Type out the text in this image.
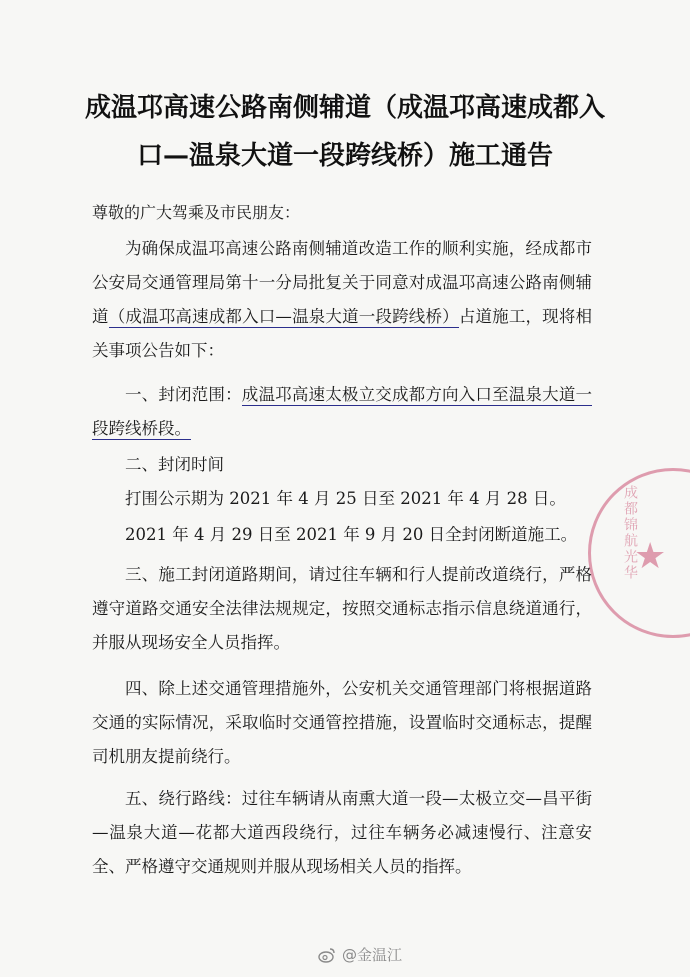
成温邛高速公路南侧辅道（成温邛高速成都入口—温泉大道一段跨线桥）施工通告
尊敬的广大驾乘及市民朋友：
为确保成温邛高速公路南侧辅道改造工作的顺利实施，经成都市公安局交通管理局第十一分局批复关于同意对成温邛高速公路南侧辅道（成温邛高速成都入口—温泉大道一段跨线桥）占道施工，现将相关事项公告如下：
一、封闭范围：成温邛高速太极立交成都方向入口至温泉大道一段跨线桥段。
二、封闭时间
打围公示期为 2021 年 4 月 25 日至 2021 年 4 月 28 日。
2021 年 4 月 29 日至 2021 年 9 月 20 日全封闭断道施工。
三、施工封闭道路期间，请过往车辆和行人提前改道绕行，严格遵守道路交通安全法律法规规定，按照交通标志指示信息绕道通行，并服从现场安全人员指挥。
四、除上述交通管理措施外，公安机关交通管理部门将根据道路交通的实际情况，采取临时交通管控措施，设置临时交通标志，提醒司机朋友提前绕行。
五、绕行路线：过往车辆请从南熏大道一段—太极立交—昌平街—温泉大道—花都大道西段绕行，过往车辆务必减速慢行、注意安全、严格遵守交通规则并服从现场相关人员的指挥。
★
成都锦航光华
@金温江
